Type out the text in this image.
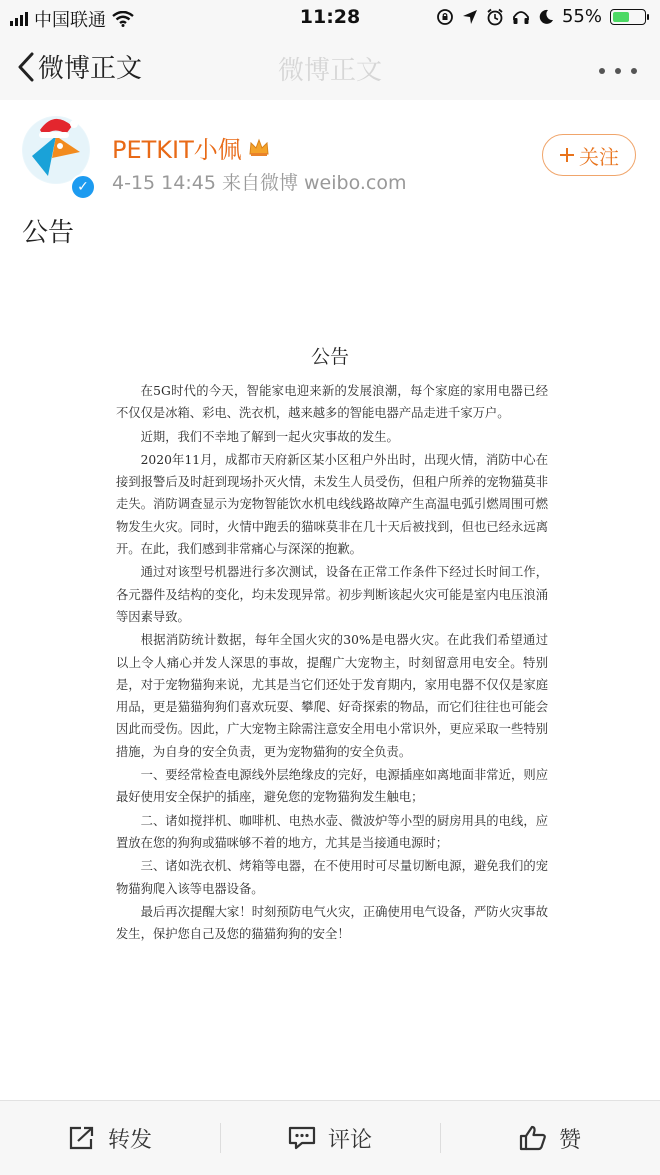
中国联通	11:28	55%
微博正文	微博正文
✓
PETKIT小佩
4-15 14:45 来自微博 weibo.com
关注
公告
公告

在5G时代的今天，智能家电迎来新的发展浪潮，每个家庭的家用电器已经不仅仅是冰箱、彩电、洗衣机，越来越多的智能电器产品走进千家万户。

近期，我们不幸地了解到一起火灾事故的发生。

2020年11月，成都市天府新区某小区租户外出时，出现火情，消防中心在接到报警后及时赶到现场扑灭火情，未发生人员受伤，但租户所养的宠物猫莫非走失。消防调查显示为宠物智能饮水机电线线路故障产生高温电弧引燃周围可燃物发生火灾。同时，火情中跑丢的猫咪莫非在几十天后被找到，但也已经永远离开。在此，我们感到非常痛心与深深的抱歉。

通过对该型号机器进行多次测试，设备在正常工作条件下经过长时间工作，各元器件及结构的变化，均未发现异常。初步判断该起火灾可能是室内电压浪涌等因素导致。

根据消防统计数据，每年全国火灾的30%是电器火灾。在此我们希望通过以上令人痛心并发人深思的事故，提醒广大宠物主，时刻留意用电安全。特别是，对于宠物猫狗来说，尤其是当它们还处于发育期内，家用电器不仅仅是家庭用品，更是猫猫狗狗们喜欢玩耍、攀爬、好奇探索的物品，而它们往往也可能会因此而受伤。因此，广大宠物主除需注意安全用电小常识外，更应采取一些特别措施，为自身的安全负责，更为宠物猫狗的安全负责。

一、要经常检查电源线外层绝缘皮的完好，电源插座如离地面非常近，则应最好使用安全保护的插座，避免您的宠物猫狗发生触电；

二、诸如搅拌机、咖啡机、电热水壶、微波炉等小型的厨房用具的电线，应置放在您的狗狗或猫咪够不着的地方，尤其是当接通电源时；

三、诸如洗衣机、烤箱等电器，在不使用时可尽量切断电源，避免我们的宠物猫狗爬入该等电器设备。

最后再次提醒大家！时刻预防电气火灾，正确使用电气设备，严防火灾事故发生，保护您自己及您的猫猫狗狗的安全！

转发	评论	赞
